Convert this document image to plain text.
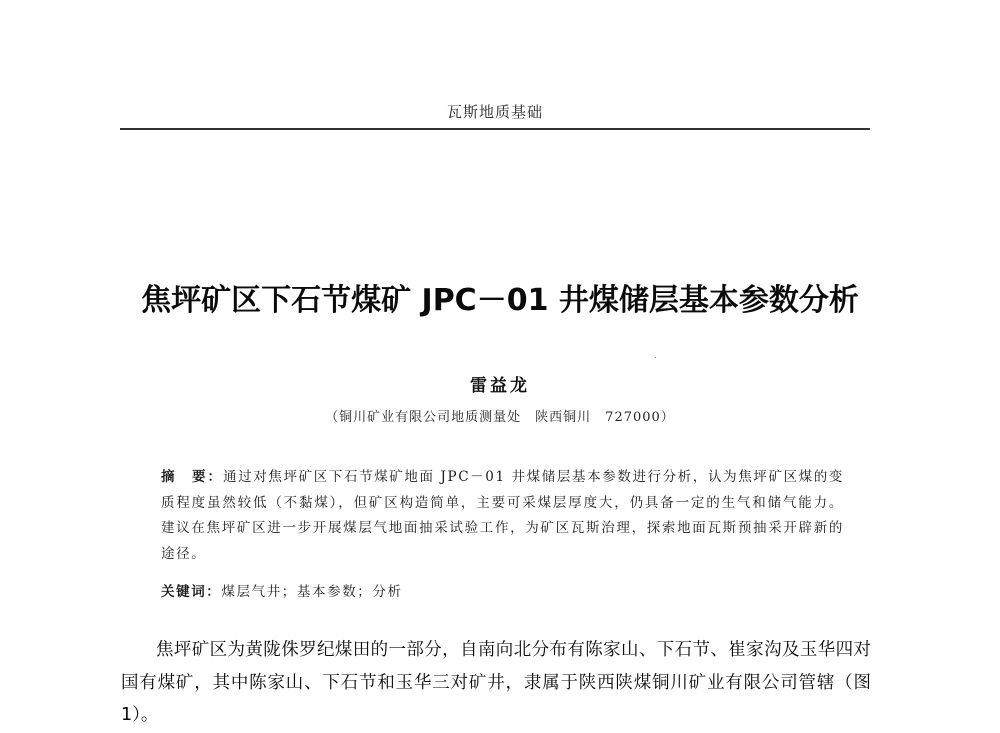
瓦斯地质基础
焦坪矿区下石节煤矿 JPC－01 井煤储层基本参数分析
雷益龙
（铜川矿业有限公司地质测量处　陕西铜川　727000）
摘　要：通过对焦坪矿区下石节煤矿地面 JPC－01 井煤储层基本参数进行分析，认为焦坪矿区煤的变质程度虽然较低（不黏煤），但矿区构造简单，主要可采煤层厚度大，仍具备一定的生气和储气能力。建议在焦坪矿区进一步开展煤层气地面抽采试验工作，为矿区瓦斯治理，探索地面瓦斯预抽采开辟新的途径。
关键词：煤层气井；基本参数；分析

焦坪矿区为黄陇侏罗纪煤田的一部分，自南向北分布有陈家山、下石节、崔家沟及玉华四对国有煤矿，其中陈家山、下石节和玉华三对矿井，隶属于陕西陕煤铜川矿业有限公司管辖（图 1）。
